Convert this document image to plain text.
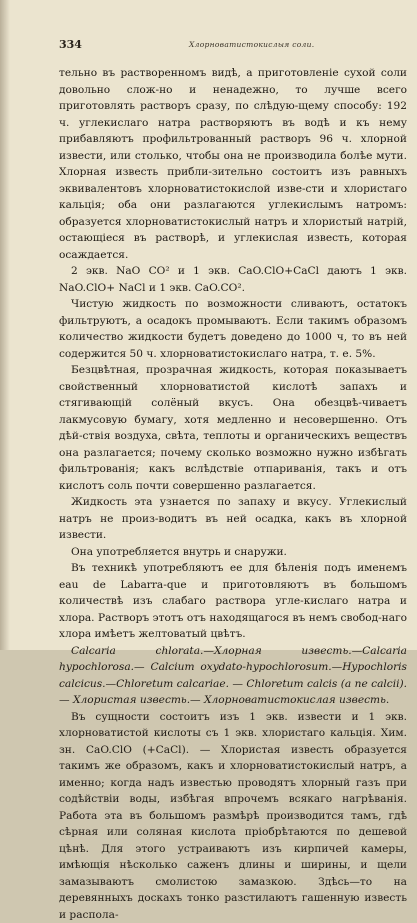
334	Хлорноватистокислыя соли.

тельно въ растворенномъ видѣ, а приготовленіе сухой соли довольно слож-но и ненадежно, то лучше всего приготовлять растворъ сразу, по слѣдую-щему способу: 192 ч. углекислаго натра растворяютъ въ водѣ и къ нему прибавляютъ профильтрованный растворъ 96 ч. хлорной извести, или столько, чтобы она не производила болѣе мути. Хлорная известь прибли-зительно состоитъ изъ равныхъ эквивалентовъ хлорноватистокислой изве-сти и хлористаго кальція; оба они разлагаются углекислымъ натромъ: образуется хлорноватистокислый натръ и хлористый натрій, остающіеся въ растворѣ, и углекислая известь, которая осаждается.

2 экв. NaO CO² и 1 экв. CaO.ClO+CaCl даютъ 1 экв. NaO.ClO+ NaCl и 1 экв. CaO.CO².

Чистую жидкость по возможности сливаютъ, остатокъ фильтруютъ, а осадокъ промываютъ. Если такимъ образомъ количество жидкости будетъ доведено до 1000 ч, то въ ней содержится 50 ч. хлорноватистокислаго натра, т. е. 5%.

Безцвѣтная, прозрачная жидкость, которая показываетъ свойственный хлорноватистой кислотѣ запахъ и стягивающій солёный вкусъ. Она обезцвѣ-чиваетъ лакмусовую бумагу, хотя медленно и несовершенно. Отъ дѣй-ствія воздуха, свѣта, теплоты и органическихъ веществъ она разлагается; почему сколько возможно нужно избѣгать фильтрованія; какъ вслѣдствіе отпариванія, такъ и отъ кислотъ соль почти совершенно разлагается.

Жидкость эта узнается по запаху и вкусу. Углекислый натръ не произ-водитъ въ ней осадка, какъ въ хлорной извести.

Она употребляется внутрь и снаружи.

Въ техникѣ употребляютъ ее для бѣленія подъ именемъ eau de Labarra-que и приготовляютъ въ большомъ количествѣ изъ слабаго раствора угле-кислаго натра и хлора. Растворъ этотъ отъ находящагося въ немъ свобод-наго хлора имѣетъ желтоватый цвѣтъ.

Calcaria chlorata.—Хлорная известь.—Calcaria hypochlorosa.— Calcium oxydato-hypochlorosum.—Hypochloris calcicus.—Chloretum calcariae. — Chloretum calcis (a ne calcii). — Хлористая известь.— Хлорноватистокислая известь.

Въ сущности состоитъ изъ 1 экв. извести и 1 экв. хлорноватистой кислоты съ 1 экв. хлористаго кальція. Хим. зн. CaO.ClO (+CaCl). — Хлористая известь образуется такимъ же образомъ, какъ и хлорноватистокислый натръ, а именно; когда надъ известью проводятъ хлорный газъ при содѣйствіи воды, избѣгая впрочемъ всякаго нагрѣванія. Работа эта въ большомъ размѣрѣ производится тамъ, гдѣ сѣрная или соляная кислота пріобрѣтаются по дешевой цѣнѣ. Для этого устраиваютъ изъ кирпичей камеры, имѣющія нѣсколько саженъ длины и ширины, и щели замазываютъ смолистою замазкою. Здѣсь—то на деревянныхъ доскахъ тонко разстилаютъ гашенную известь и распола-
